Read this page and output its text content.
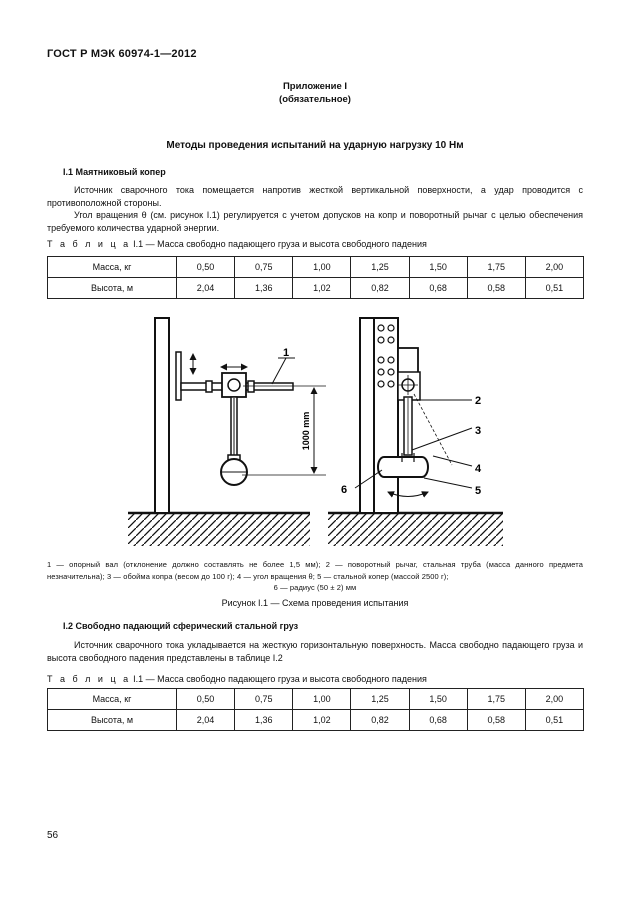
ГОСТ Р МЭК 60974-1—2012
Приложение I
(обязательное)
Методы проведения испытаний на ударную нагрузку 10 Нм
I.1 Маятниковый копер
Источник сварочного тока помещается напротив жесткой вертикальной поверхности, а удар проводится с противоположной стороны.
Угол вращения θ (см. рисунок I.1) регулируется с учетом допусков на копр и поворотный рычаг с целью обеспечения требуемого количества ударной энергии.
Т а б л и ц а I.1 — Масса свободно падающего груза и высота свободного падения
Масса, кг	0,50	0,75	1,00	1,25	1,50	1,75	2,00
Высота, м	2,04	1,36	1,02	0,82	0,68	0,58	0,51
1000 mm
1
2
3
4
5
6
1 — опорный вал (отклонение должно составлять не более 1,5 мм); 2 — поворотный рычаг, стальная труба (масса данного предмета незначительна); 3 — обойма копра (весом до 100 г); 4 — угол вращения θ; 5 — стальной копер (массой 2500 г);
6 — радиус (50 ± 2) мм
Рисунок I.1 — Схема проведения испытания
I.2 Свободно падающий сферический стальной груз
Источник сварочного тока укладывается на жесткую горизонтальную поверхность. Масса свободно падающего груза и высота свободного падения представлены в таблице I.2
Т а б л и ц а I.1 — Масса свободно падающего груза и высота свободного падения
Масса, кг	0,50	0,75	1,00	1,25	1,50	1,75	2,00
Высота, м	2,04	1,36	1,02	0,82	0,68	0,58	0,51
56
